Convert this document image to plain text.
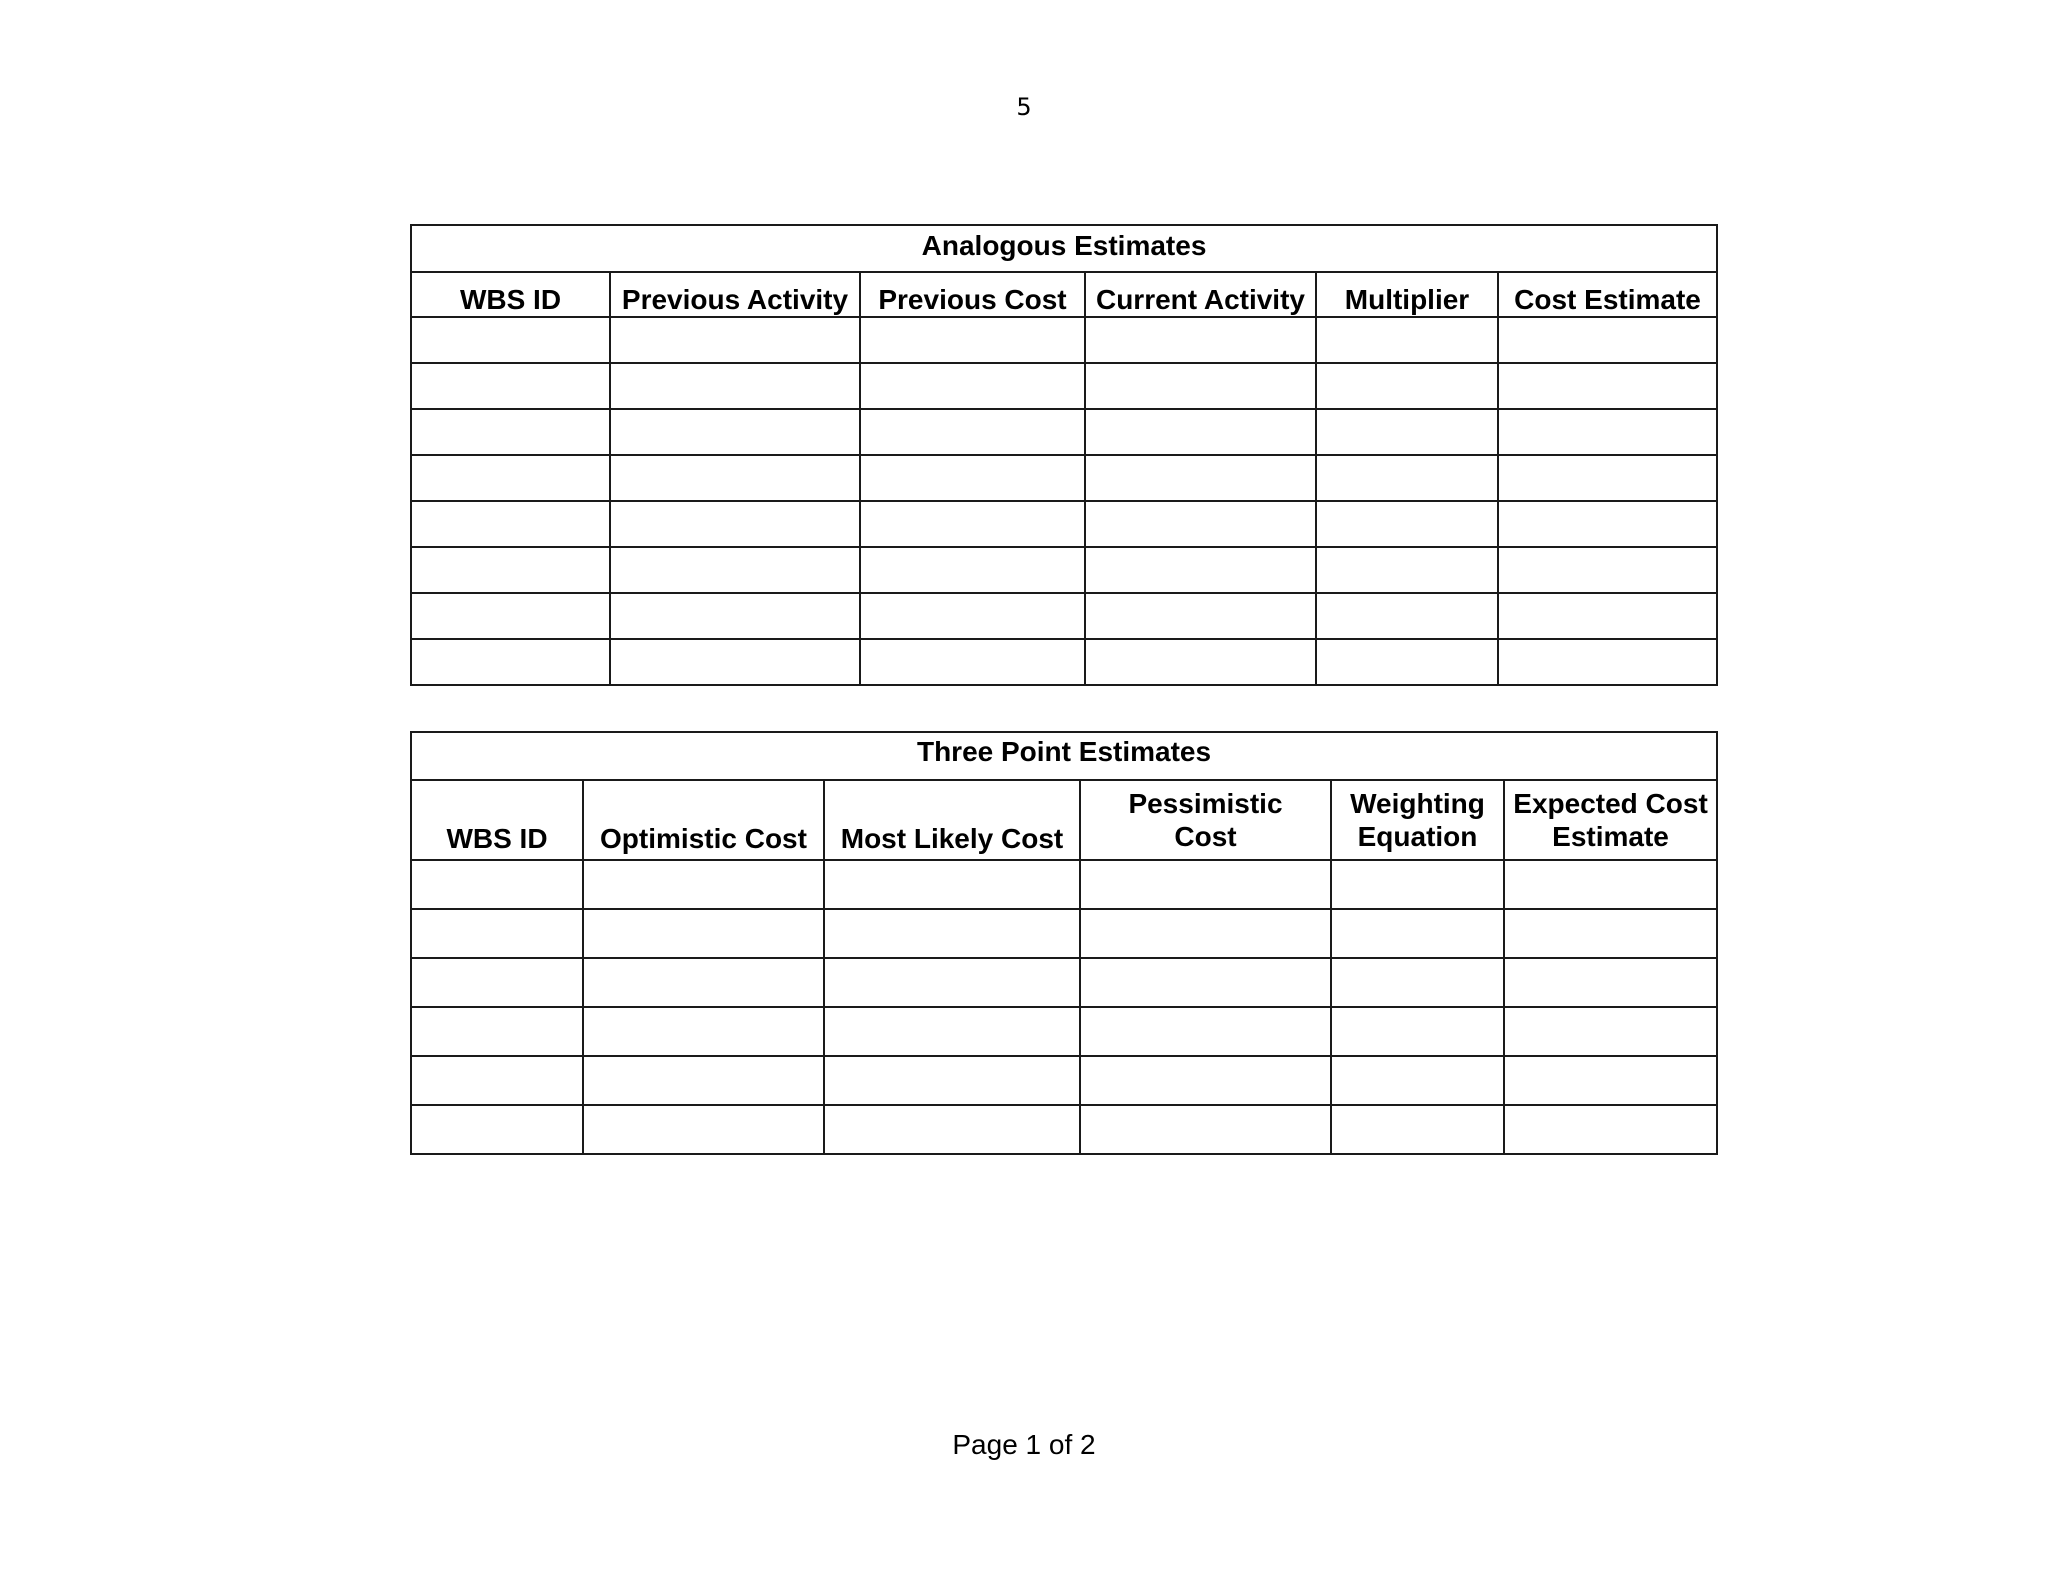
5
Analogous Estimates					
WBS ID	Previous Activity	Previous Cost	Current Activity	Multiplier	Cost Estimate

Three Point Estimates					
WBS ID	Optimistic Cost	Most Likely Cost	Pessimistic Cost	Weighting Equation	Expected Cost Estimate

Page 1 of 2
